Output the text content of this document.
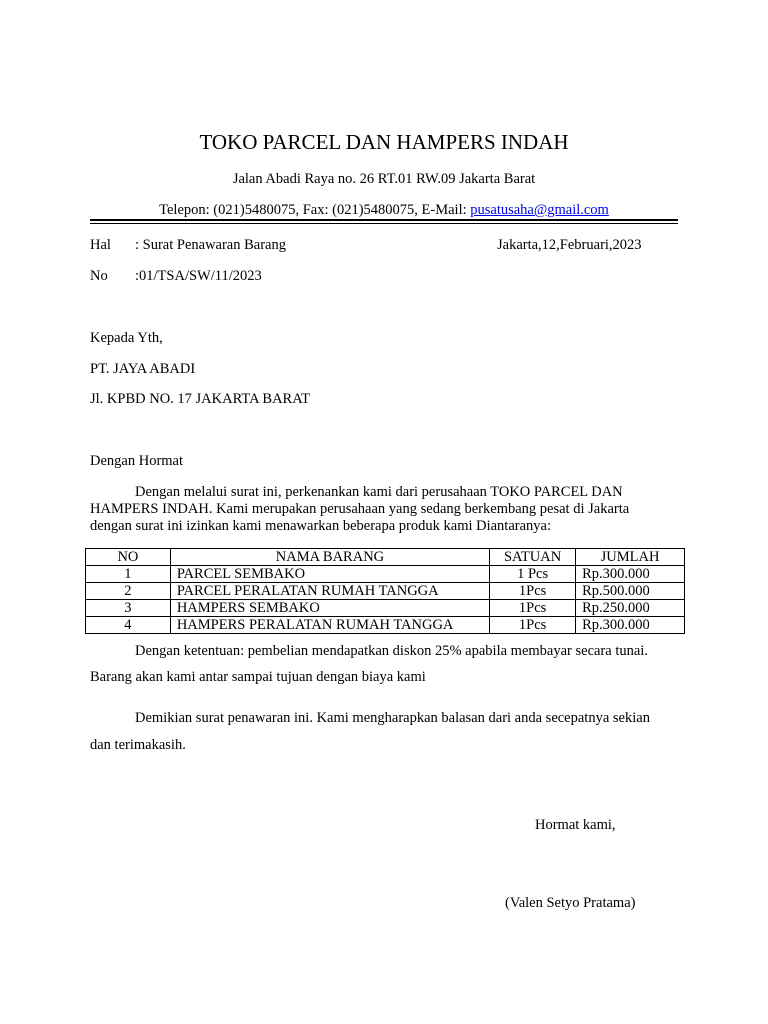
TOKO PARCEL DAN HAMPERS INDAH
Jalan Abadi Raya no. 26 RT.01 RW.09 Jakarta Barat
Telepon: (021)5480075, Fax: (021)5480075, E-Mail: pusatusaha@gmail.com
Hal : Surat Penawaran Barang	Jakarta,12,Februari,2023
No :01/TSA/SW/11/2023
Kepada Yth,
PT. JAYA ABADI
Jl. KPBD NO. 17 JAKARTA BARAT
Dengan Hormat
Dengan melalui surat ini, perkenankan kami dari perusahaan TOKO PARCEL DAN
HAMPERS INDAH. Kami merupakan perusahaan yang sedang berkembang pesat di Jakarta
dengan surat ini izinkan kami menawarkan beberapa produk kami Diantaranya:
NO	NAMA BARANG	SATUAN	JUMLAH
1	PARCEL SEMBAKO	1 Pcs	Rp.300.000
2	PARCEL PERALATAN RUMAH TANGGA	1Pcs	Rp.500.000
3	HAMPERS SEMBAKO	1Pcs	Rp.250.000
4	HAMPERS PERALATAN RUMAH TANGGA	1Pcs	Rp.300.000
Dengan ketentuan: pembelian mendapatkan diskon 25% apabila membayar secara tunai.
Barang akan kami antar sampai tujuan dengan biaya kami
Demikian surat penawaran ini. Kami mengharapkan balasan dari anda secepatnya sekian
dan terimakasih.
Hormat kami,
(Valen Setyo Pratama)
